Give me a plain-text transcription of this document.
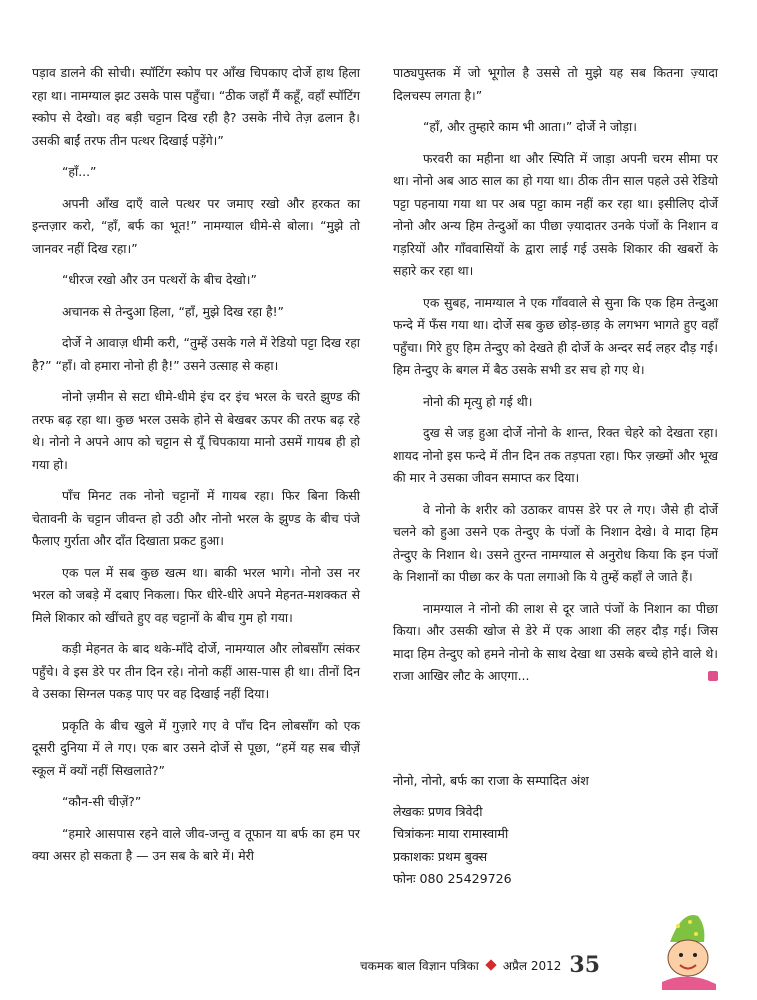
पड़ाव डालने की सोची। स्पॉटिंग स्कोप पर आँख चिपकाए दोर्जे हाथ हिला रहा था। नामग्याल झट उसके पास पहुँचा। “ठीक जहाँ मैं कहूँ, वहाँ स्पॉटिंग स्कोप से देखो। वह बड़ी चट्टान दिख रही है? उसके नीचे तेज़ ढलान है। उसकी बाईं तरफ तीन पत्थर दिखाई पड़ेंगे।”

“हाँ...”

अपनी आँख दाएँ वाले पत्थर पर जमाए रखो और हरकत का इन्तज़ार करो, “हाँ, बर्फ का भूत!” नामग्याल धीमे-से बोला। “मुझे तो जानवर नहीं दिख रहा।”

“धीरज रखो और उन पत्थरों के बीच देखो।”

अचानक से तेन्दुआ हिला, “हाँ, मुझे दिख रहा है!”

दोर्जे ने आवाज़ धीमी करी, “तुम्हें उसके गले में रेडियो पट्टा दिख रहा है?” “हाँ। वो हमारा नोनो ही है!” उसने उत्साह से कहा।

नोनो ज़मीन से सटा धीमे-धीमे इंच दर इंच भरल के चरते झुण्ड की तरफ बढ़ रहा था। कुछ भरल उसके होने से बेखबर ऊपर की तरफ बढ़ रहे थे। नोनो ने अपने आप को चट्टान से यूँ चिपकाया मानो उसमें गायब ही हो गया हो।

पाँच मिनट तक नोनो चट्टानों में गायब रहा। फिर बिना किसी चेतावनी के चट्टान जीवन्त हो उठी और नोनो भरल के झुण्ड के बीच पंजे फैलाए गुर्राता और दाँत दिखाता प्रकट हुआ।

एक पल में सब कुछ खत्म था। बाकी भरल भागे। नोनो उस नर भरल को जबड़े में दबाए निकला। फिर धीरे-धीरे अपने मेहनत-मशक्कत से मिले शिकार को खींचते हुए वह चट्टानों के बीच गुम हो गया।

कड़ी मेहनत के बाद थके-माँदे दोर्जे, नामग्याल और लोबसाँग त्संकर पहुँचे। वे इस डेरे पर तीन दिन रहे। नोनो कहीं आस-पास ही था। तीनों दिन वे उसका सिग्नल पकड़ पाए पर वह दिखाई नहीं दिया।

प्रकृति के बीच खुले में गुज़ारे गए वे पाँच दिन लोबसाँग को एक दूसरी दुनिया में ले गए। एक बार उसने दोर्जे से पूछा, “हमें यह सब चीज़ें स्कूल में क्यों नहीं सिखलाते?”

“कौन-सी चीज़ें?”

“हमारे आसपास रहने वाले जीव-जन्तु व तूफान या बर्फ का हम पर क्या असर हो सकता है — उन सब के बारे में। मेरी

पाठ्यपुस्तक में जो भूगोल है उससे तो मुझे यह सब कितना ज़्यादा दिलचस्प लगता है।”

“हाँ, और तुम्हारे काम भी आता।” दोर्जे ने जोड़ा।

फरवरी का महीना था और स्पिति में जाड़ा अपनी चरम सीमा पर था। नोनो अब आठ साल का हो गया था। ठीक तीन साल पहले उसे रेडियो पट्टा पहनाया गया था पर अब पट्टा काम नहीं कर रहा था। इसीलिए दोर्जे नोनो और अन्य हिम तेन्दुओं का पीछा ज़्यादातर उनके पंजों के निशान व गड़रियों और गाँववासियों के द्वारा लाई गई उसके शिकार की खबरों के सहारे कर रहा था।

एक सुबह, नामग्याल ने एक गाँववाले से सुना कि एक हिम तेन्दुआ फन्दे में फँस गया था। दोर्जे सब कुछ छोड़-छाड़ के लगभग भागते हुए वहाँ पहुँचा। गिरे हुए हिम तेन्दुए को देखते ही दोर्जे के अन्दर सर्द लहर दौड़ गई। हिम तेन्दुए के बगल में बैठ उसके सभी डर सच हो गए थे।

नोनो की मृत्यु हो गई थी।

दुख से जड़ हुआ दोर्जे नोनो के शान्त, रिक्त चेहरे को देखता रहा। शायद नोनो इस फन्दे में तीन दिन तक तड़पता रहा। फिर ज़ख्मों और भूख की मार ने उसका जीवन समाप्त कर दिया।

वे नोनो के शरीर को उठाकर वापस डेरे पर ले गए। जैसे ही दोर्जे चलने को हुआ उसने एक तेन्दुए के पंजों के निशान देखे। वे मादा हिम तेन्दुए के निशान थे। उसने तुरन्त नामग्याल से अनुरोध किया कि इन पंजों के निशानों का पीछा कर के पता लगाओ कि ये तुम्हें कहाँ ले जाते हैं।

नामग्याल ने नोनो की लाश से दूर जाते पंजों के निशान का पीछा किया। और उसकी खोज से डेरे में एक आशा की लहर दौड़ गई। जिस मादा हिम तेन्दुए को हमने नोनो के साथ देखा था उसके बच्चे होने वाले थे। राजा आखिर लौट के आएगा...

नोनो, नोनो, बर्फ का राजा के सम्पादित अंश
लेखकः प्रणव त्रिवेदी
चित्रांकनः माया रामास्वामी
प्रकाशकः प्रथम बुक्स
फोनः 080 25429726
चकमक बाल विज्ञान पत्रिका अप्रैल 2012 35
